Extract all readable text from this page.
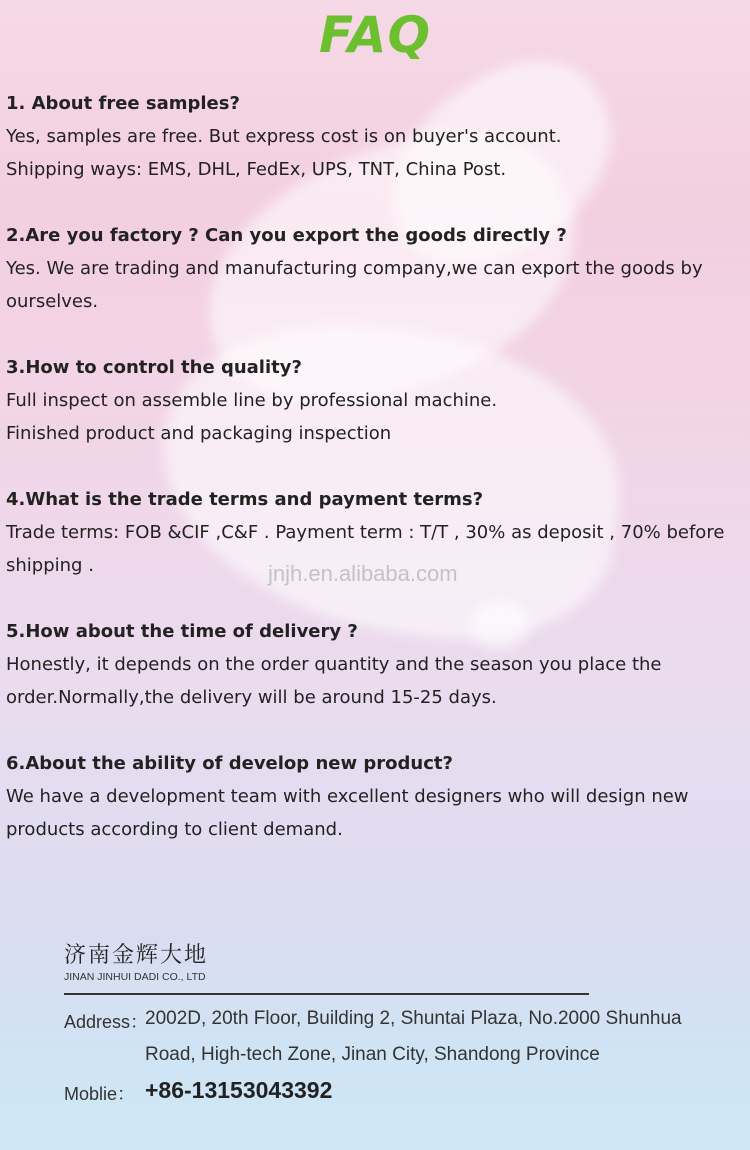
FAQ
1. About free samples?
Yes, samples are free. But express cost is on buyer's account.
Shipping ways: EMS, DHL, FedEx, UPS, TNT, China Post.
2.Are you factory ? Can you export the goods directly ?
Yes. We are trading and manufacturing company,we can export the goods by ourselves.
3.How to control the quality?
Full inspect on assemble line by professional machine.
Finished product and packaging inspection
4.What is the trade terms and payment terms?
Trade terms: FOB &CIF ,C&F . Payment term : T/T , 30% as deposit , 70% before shipping .
5.How about the time of delivery ?
Honestly, it depends on the order quantity and the season you place the order.Normally,the delivery will be around 15-25 days.
6.About the ability of develop new product?
We have a development team with excellent designers who will design new products according to client demand.
jnjh.en.alibaba.com
济南金辉大地
JINAN JINHUI DADI CO., LTD
Address：
2002D, 20th Floor, Building 2, Shuntai Plaza, No.2000 Shunhua
Road, High-tech Zone, Jinan City, Shandong Province
Moblie： +86-13153043392
